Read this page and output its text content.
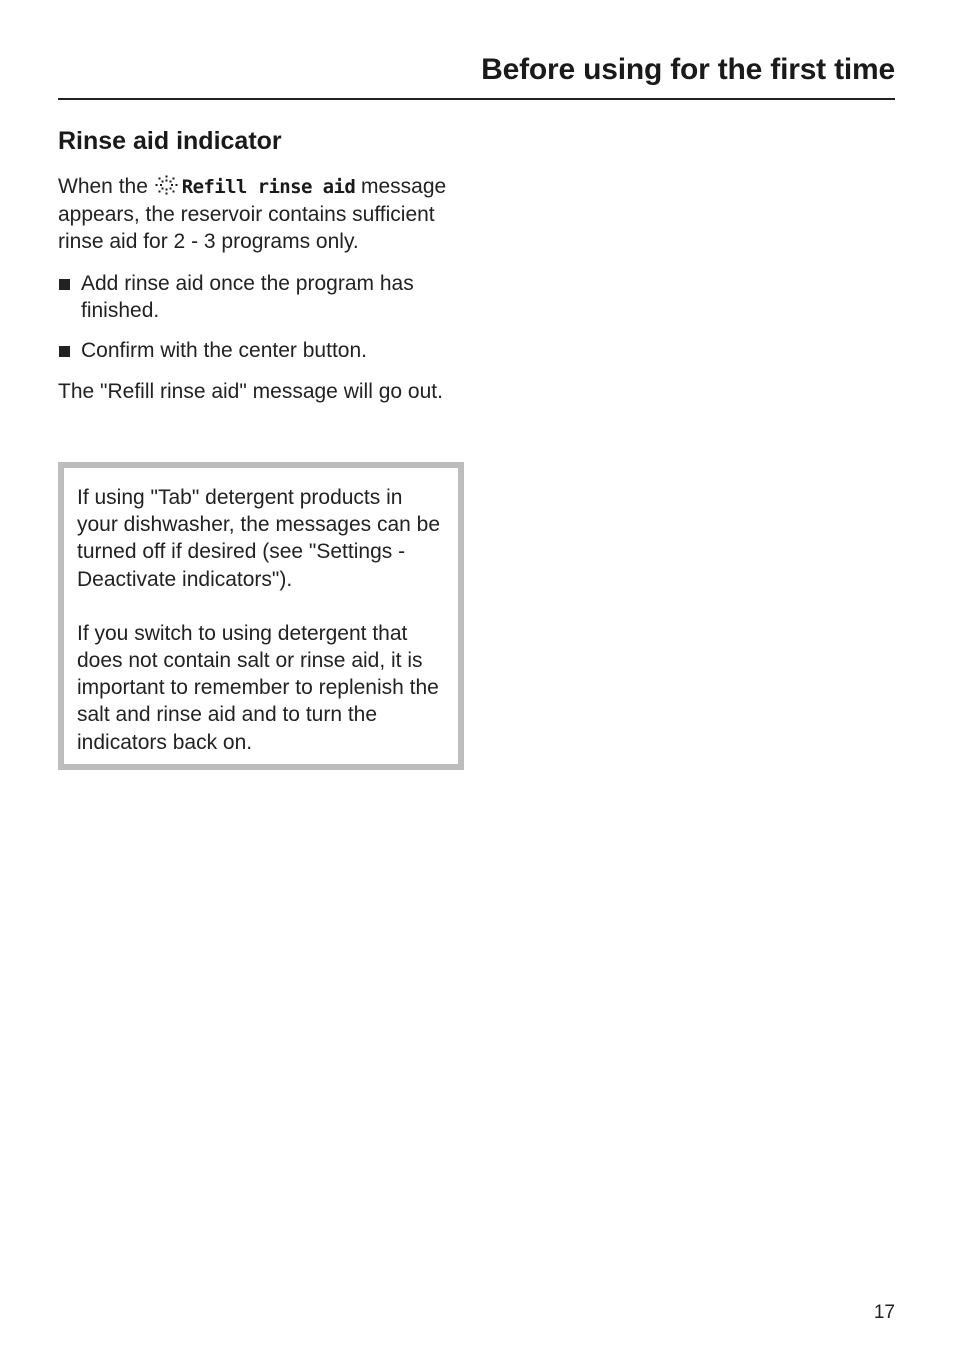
Before using for the first time
Rinse aid indicator

When the Refill rinse aid message appears, the reservoir contains sufficient rinse aid for 2 - 3 programs only.

Add rinse aid once the program has finished.
Confirm with the center button.

The "Refill rinse aid" message will go out.

If using "Tab" detergent products in your dishwasher, the messages can be turned off if desired (see "Settings - Deactivate indicators").

If you switch to using detergent that does not contain salt or rinse aid, it is important to remember to replenish the salt and rinse aid and to turn the indicators back on.

17
